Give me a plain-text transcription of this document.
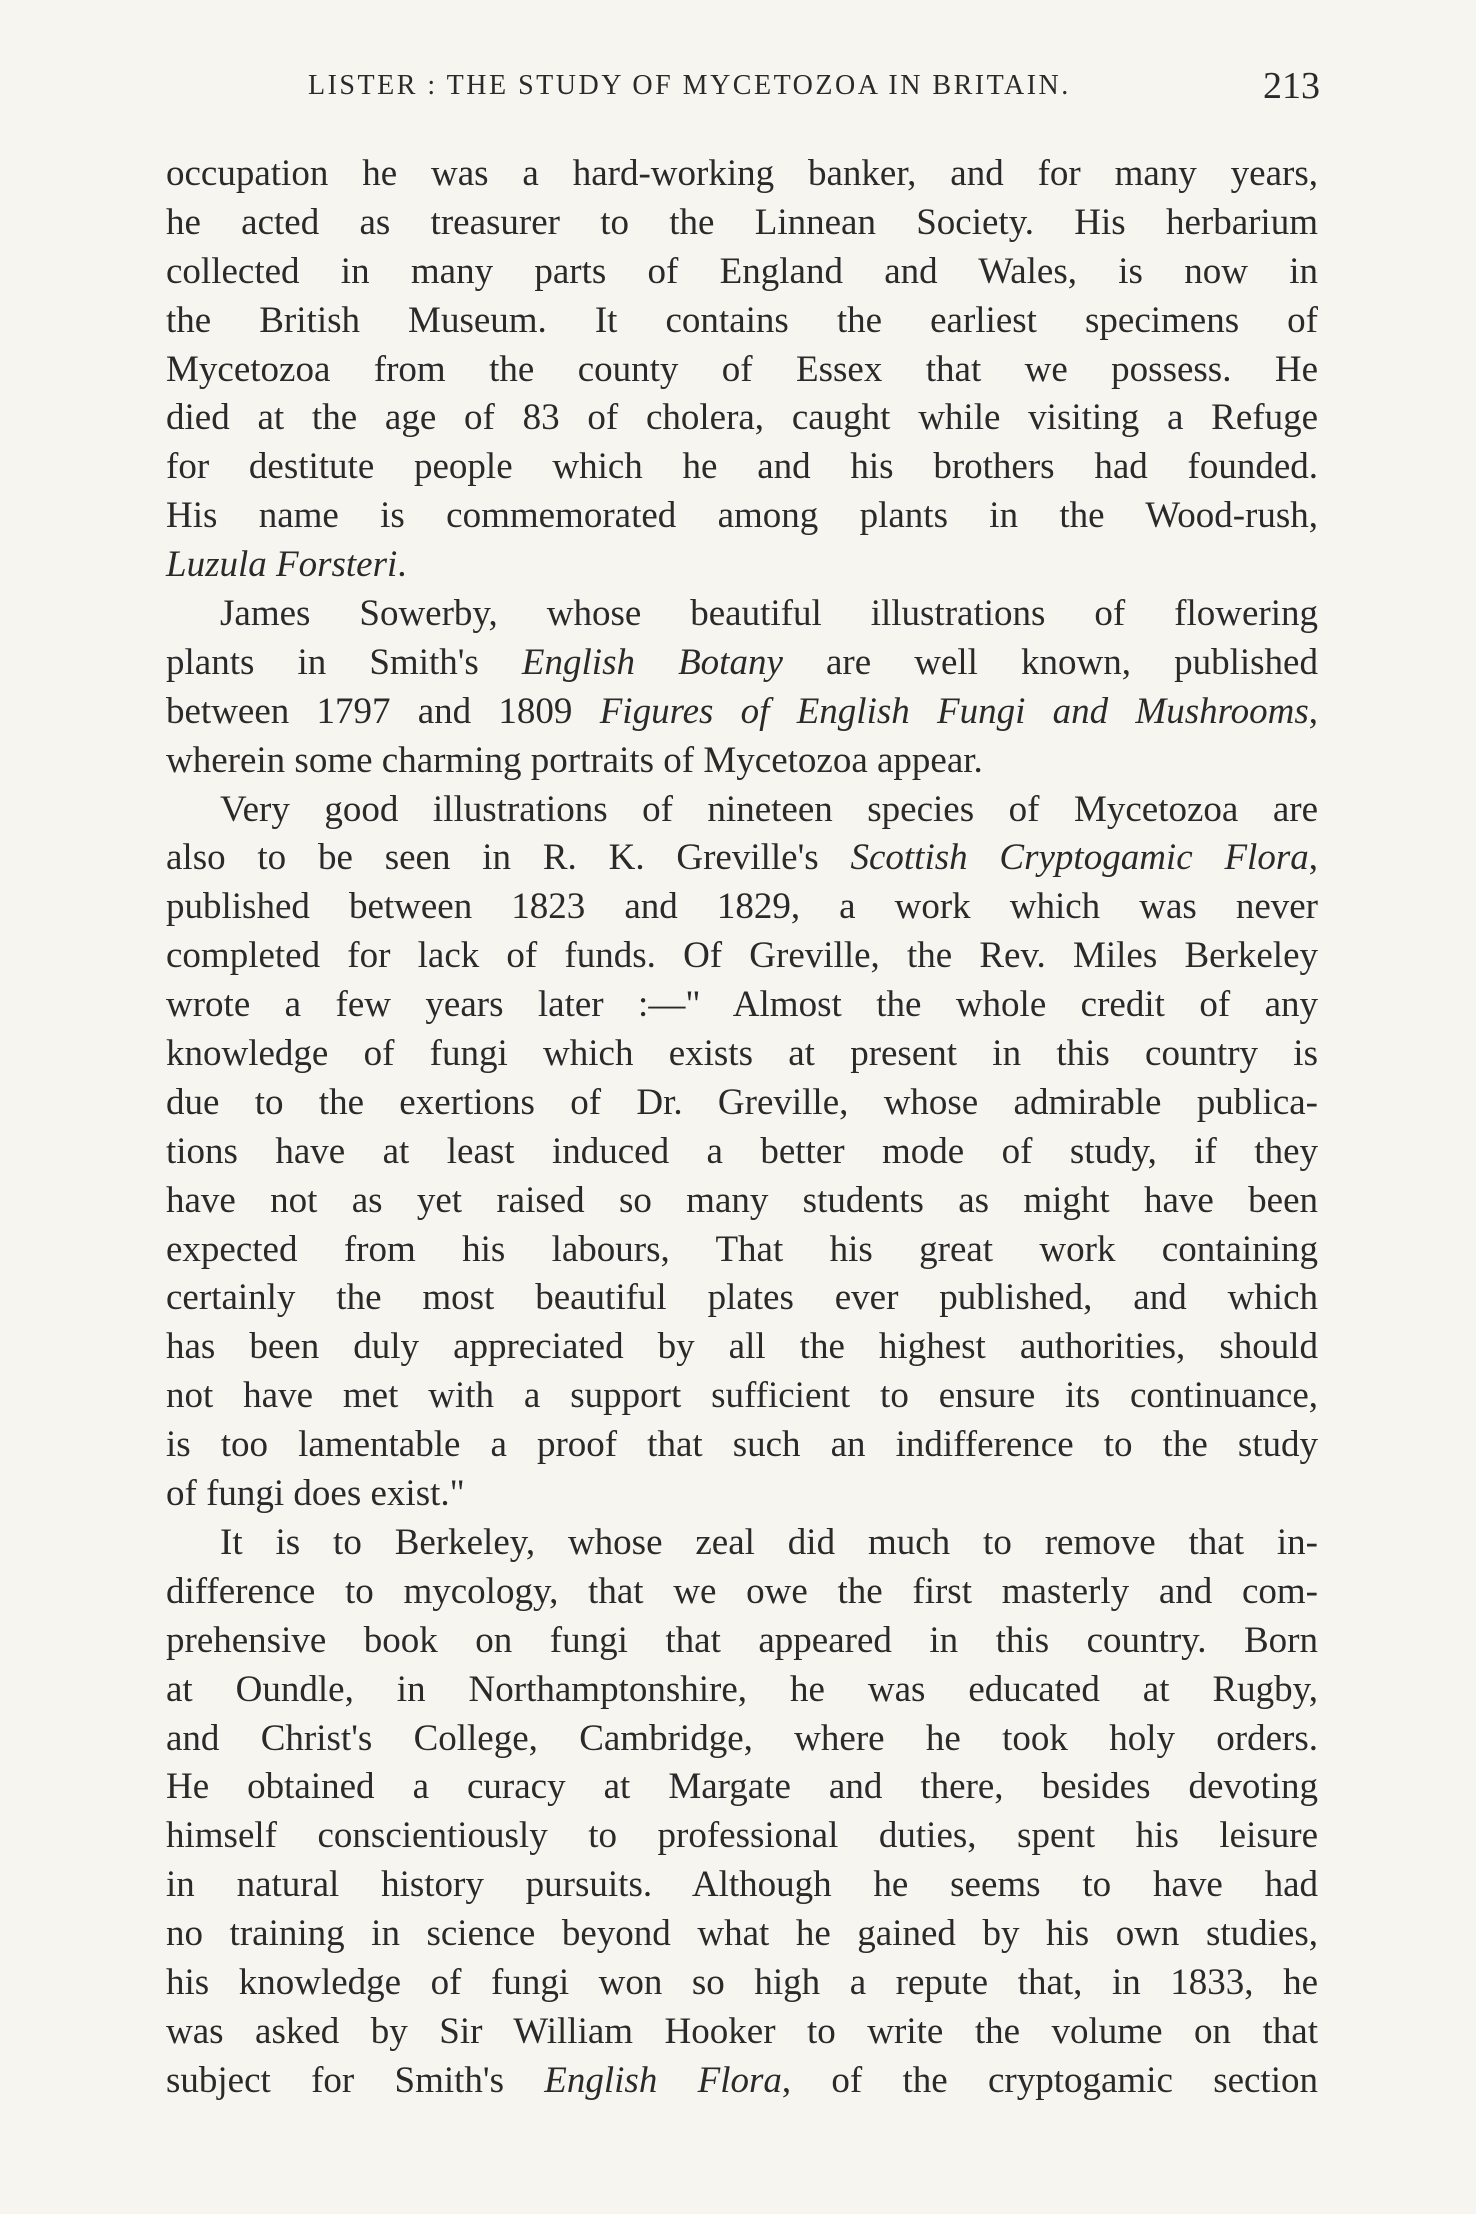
LISTER : THE STUDY OF MYCETOZOA IN BRITAIN.	213
occupation he was a hard-working banker, and for many years,
he acted as treasurer to the Linnean Society. His herbarium
collected in many parts of England and Wales, is now in
the British Museum. It contains the earliest specimens of
Mycetozoa from the county of Essex that we possess. He
died at the age of 83 of cholera, caught while visiting a Refuge
for destitute people which he and his brothers had founded.
His name is commemorated among plants in the Wood-rush,
Luzula Forsteri.
James Sowerby, whose beautiful illustrations of flowering
plants in Smith's English Botany are well known, published
between 1797 and 1809 Figures of English Fungi and Mushrooms,
wherein some charming portraits of Mycetozoa appear.
Very good illustrations of nineteen species of Mycetozoa are
also to be seen in R. K. Greville's Scottish Cryptogamic Flora,
published between 1823 and 1829, a work which was never
completed for lack of funds. Of Greville, the Rev. Miles Berkeley
wrote a few years later :—" Almost the whole credit of any
knowledge of fungi which exists at present in this country is
due to the exertions of Dr. Greville, whose admirable publica-
tions have at least induced a better mode of study, if they
have not as yet raised so many students as might have been
expected from his labours, That his great work containing
certainly the most beautiful plates ever published, and which
has been duly appreciated by all the highest authorities, should
not have met with a support sufficient to ensure its continuance,
is too lamentable a proof that such an indifference to the study
of fungi does exist."
It is to Berkeley, whose zeal did much to remove that in-
difference to mycology, that we owe the first masterly and com-
prehensive book on fungi that appeared in this country. Born
at Oundle, in Northamptonshire, he was educated at Rugby,
and Christ's College, Cambridge, where he took holy orders.
He obtained a curacy at Margate and there, besides devoting
himself conscientiously to professional duties, spent his leisure
in natural history pursuits. Although he seems to have had
no training in science beyond what he gained by his own studies,
his knowledge of fungi won so high a repute that, in 1833, he
was asked by Sir William Hooker to write the volume on that
subject for Smith's English Flora, of the cryptogamic section
